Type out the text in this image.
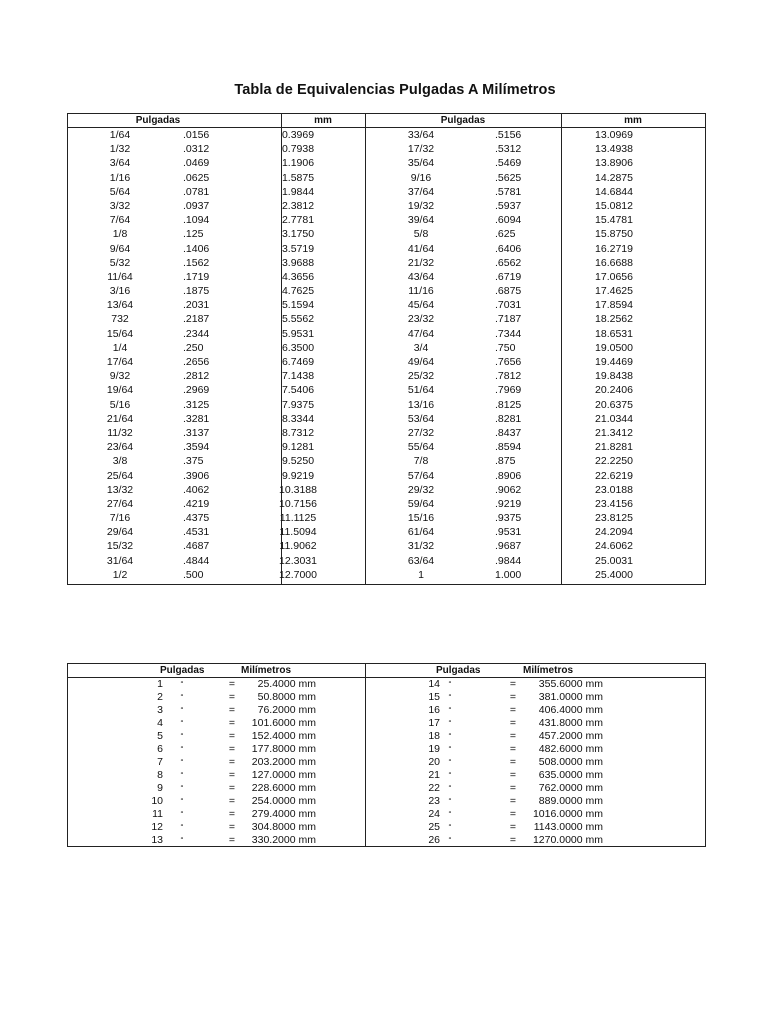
Tabla de Equivalencias Pulgadas A Milímetros
Pulgadas	mm	Pulgadas	mm
1/64	.0156	0.3969	33/64	.5156	13.0969
1/32	.0312	0.7938	17/32	.5312	13.4938
3/64	.0469	1.1906	35/64	.5469	13.8906
1/16	.0625	1.5875	9/16	.5625	14.2875
5/64	.0781	1.9844	37/64	.5781	14.6844
3/32	.0937	2.3812	19/32	.5937	15.0812
7/64	.1094	2.7781	39/64	.6094	15.4781
1/8	.125	3.1750	5/8	.625	15.8750
9/64	.1406	3.5719	41/64	.6406	16.2719
5/32	.1562	3.9688	21/32	.6562	16.6688
11/64	.1719	4.3656	43/64	.6719	17.0656
3/16	.1875	4.7625	11/16	.6875	17.4625
13/64	.2031	5.1594	45/64	.7031	17.8594
732	.2187	5.5562	23/32	.7187	18.2562
15/64	.2344	5.9531	47/64	.7344	18.6531
1/4	.250	6.3500	3/4	.750	19.0500
17/64	.2656	6.7469	49/64	.7656	19.4469
9/32	.2812	7.1438	25/32	.7812	19.8438
19/64	.2969	7.5406	51/64	.7969	20.2406
5/16	.3125	7.9375	13/16	.8125	20.6375
21/64	.3281	8.3344	53/64	.8281	21.0344
11/32	.3137	8.7312	27/32	.8437	21.3412
23/64	.3594	9.1281	55/64	.8594	21.8281
3/8	.375	9.5250	7/8	.875	22.2250
25/64	.3906	9.9219	57/64	.8906	22.6219
13/32	.4062	10.3188	29/32	.9062	23.0188
27/64	.4219	10.7156	59/64	.9219	23.4156
7/16	.4375	11.1125	15/16	.9375	23.8125
29/64	.4531	11.5094	61/64	.9531	24.2094
15/32	.4687	11.9062	31/32	.9687	24.6062
31/64	.4844	12.3031	63/64	.9844	25.0031
1/2	.500	12.7000	1	1.000	25.4000
Pulgadas	Milímetros	Pulgadas	Milímetros
1	“	=	25.4000 mm	14	“	=	355.6000 mm
2	“	=	50.8000 mm	15	“	=	381.0000 mm
3	“	=	76.2000 mm	16	“	=	406.4000 mm
4	“	=	101.6000 mm	17	“	=	431.8000 mm
5	“	=	152.4000 mm	18	“	=	457.2000 mm
6	“	=	177.8000 mm	19	“	=	482.6000 mm
7	“	=	203.2000 mm	20	“	=	508.0000 mm
8	“	=	127.0000 mm	21	“	=	635.0000 mm
9	“	=	228.6000 mm	22	“	=	762.0000 mm
10	“	=	254.0000 mm	23	“	=	889.0000 mm
11	“	=	279.4000 mm	24	“	= 1016.0000 mm
12	“	=	304.8000 mm	25	“	= 1143.0000 mm
13	“	=	330.2000 mm	26	“	= 1270.0000 mm
